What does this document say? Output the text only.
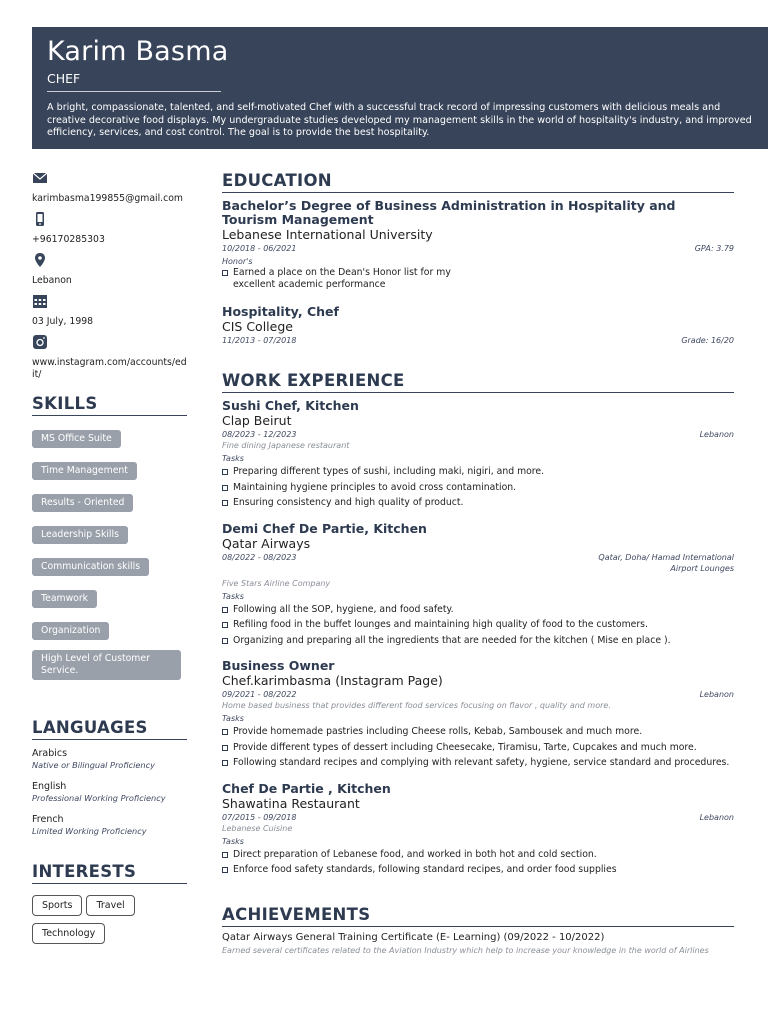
Karim Basma
CHEF
A bright, compassionate, talented, and self-motivated Chef with a successful track record of impressing customers with delicious meals and creative decorative food displays. My undergraduate studies developed my management skills in the world of hospitality's industry, and improved efficiency, services, and cost control. The goal is to provide the best hospitality.
karimbasma199855@gmail.com
+96170285303
Lebanon
03 July, 1998
www.instagram.com/accounts/edit/
SKILLS
MS Office Suite
Time Management
Results - Oriented
Leadership Skills
Communication skills
Teamwork
Organization
High Level of Customer Service.
LANGUAGES
Arabics
Native or Bilingual Proficiency
English
Professional Working Proficiency
French
Limited Working Proficiency
INTERESTS
Sports	Travel
Technology
EDUCATION
Bachelor’s Degree of Business Administration in Hospitality and Tourism Management
Lebanese International University
10/2018 - 06/2021	GPA: 3.79
Honor's
Earned a place on the Dean's Honor list for my excellent academic performance
Hospitality, Chef
CIS College
11/2013 - 07/2018	Grade: 16/20
WORK EXPERIENCE
Sushi Chef, Kitchen
Clap Beirut
08/2023 - 12/2023	Lebanon
Fine dining Japanese restaurant
Tasks
Preparing different types of sushi, including maki, nigiri, and more.
Maintaining hygiene principles to avoid cross contamination.
Ensuring consistency and high quality of product.
Demi Chef De Partie, Kitchen
Qatar Airways
08/2022 - 08/2023	Qatar, Doha/ Hamad International Airport Lounges
Five Stars Airline Company
Tasks
Following all the SOP, hygiene, and food safety.
Refiling food in the buffet lounges and maintaining high quality of food to the customers.
Organizing and preparing all the ingredients that are needed for the kitchen ( Mise en place ).
Business Owner
Chef.karimbasma (Instagram Page)
09/2021 - 08/2022	Lebanon
Home based business that provides different food services focusing on flavor , quality and more.
Tasks
Provide homemade pastries including Cheese rolls, Kebab, Sambousek and much more.
Provide different types of dessert including Cheesecake, Tiramisu, Tarte, Cupcakes and much more.
Following standard recipes and complying with relevant safety, hygiene, service standard and procedures.
Chef De Partie , Kitchen
Shawatina Restaurant
07/2015 - 09/2018	Lebanon
Lebanese Cuisine
Tasks
Direct preparation of Lebanese food, and worked in both hot and cold section.
Enforce food safety standards, following standard recipes, and order food supplies
ACHIEVEMENTS
Qatar Airways General Training Certificate (E- Learning) (09/2022 - 10/2022)
Earned several certificates related to the Aviation Industry which help to increase your knowledge in the world of Airlines
